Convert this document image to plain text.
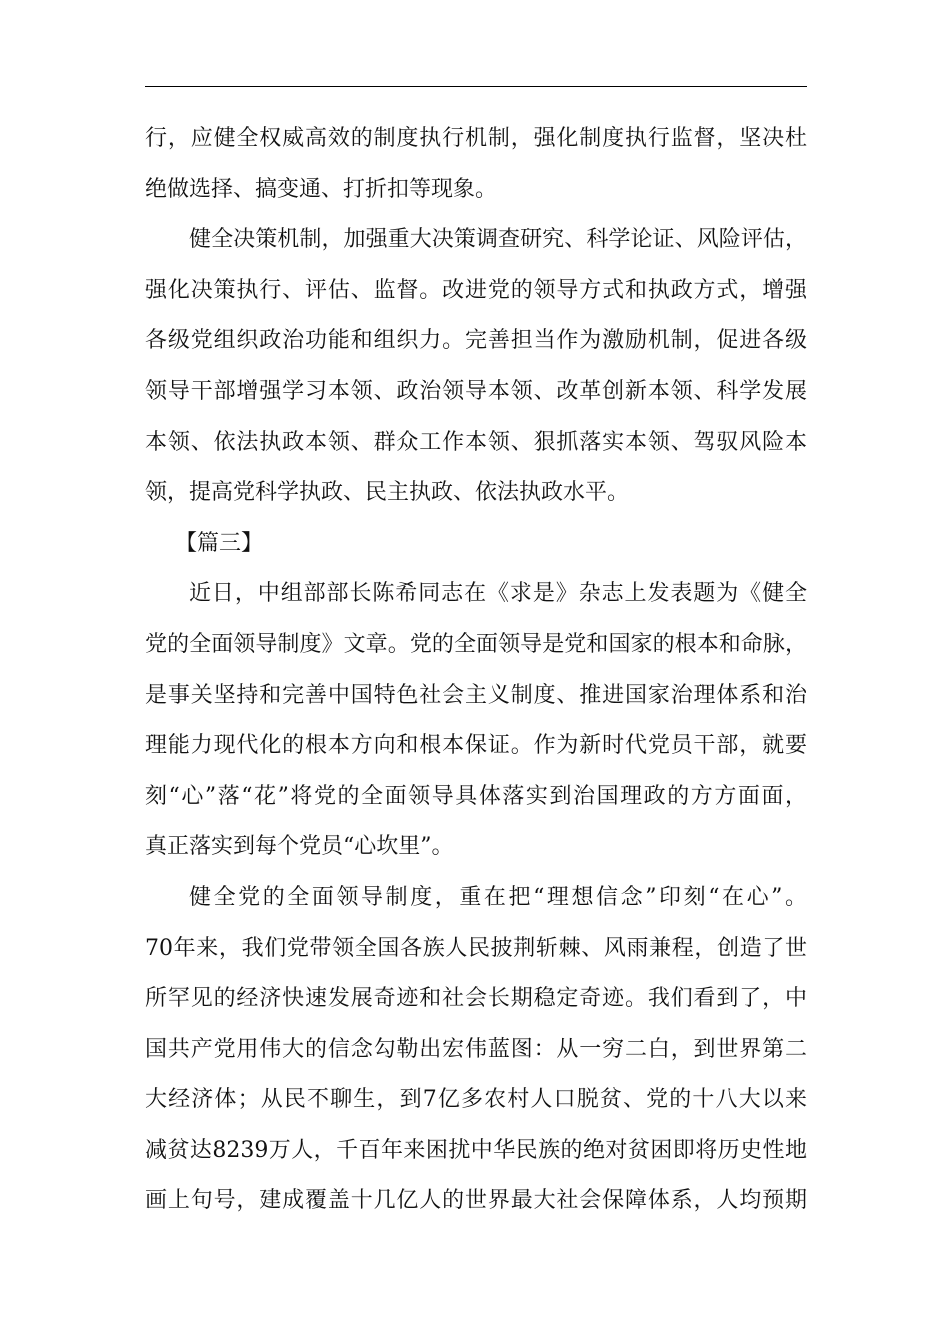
行，应健全权威高效的制度执行机制，强化制度执行监督，坚决杜
绝做选择、搞变通、打折扣等现象。
健全决策机制，加强重大决策调查研究、科学论证、风险评估，
强化决策执行、评估、监督。改进党的领导方式和执政方式，增强
各级党组织政治功能和组织力。完善担当作为激励机制，促进各级
领导干部增强学习本领、政治领导本领、改革创新本领、科学发展
本领、依法执政本领、群众工作本领、狠抓落实本领、驾驭风险本
领，提高党科学执政、民主执政、依法执政水平。
【篇三】
近日，中组部部长陈希同志在《求是》杂志上发表题为《健全
党的全面领导制度》文章。党的全面领导是党和国家的根本和命脉，
是事关坚持和完善中国特色社会主义制度、推进国家治理体系和治
理能力现代化的根本方向和根本保证。作为新时代党员干部，就要
刻“心”落“花”将党的全面领导具体落实到治国理政的方方面面，
真正落实到每个党员“心坎里”。
健全党的全面领导制度，重在把“理想信念”印刻“在心”。
70年来，我们党带领全国各族人民披荆斩棘、风雨兼程，创造了世
所罕见的经济快速发展奇迹和社会长期稳定奇迹。我们看到了，中
国共产党用伟大的信念勾勒出宏伟蓝图：从一穷二白，到世界第二
大经济体；从民不聊生，到7亿多农村人口脱贫、党的十八大以来
减贫达8239万人，千百年来困扰中华民族的绝对贫困即将历史性地
画上句号，建成覆盖十几亿人的世界最大社会保障体系，人均预期
